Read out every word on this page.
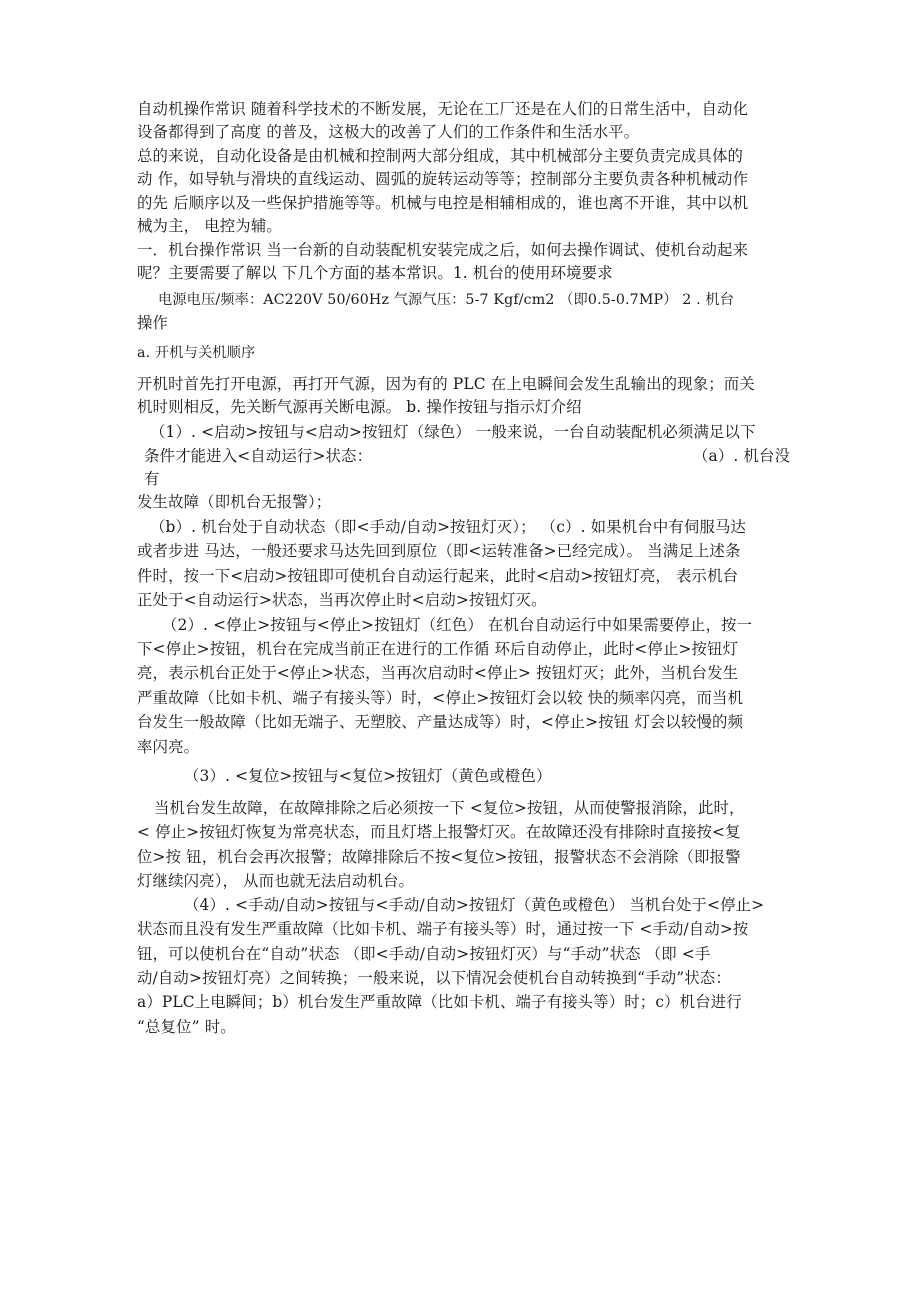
自动机操作常识 随着科学技术的不断发展，无论在工厂还是在人们的日常生活中，自动化
设备都得到了高度 的普及，这极大的改善了人们的工作条件和生活水平。
总的来说，自动化设备是由机械和控制两大部分组成，其中机械部分主要负责完成具体的
动 作，如导轨与滑块的直线运动、圆弧的旋转运动等等；控制部分主要负责各种机械动作
的先 后顺序以及一些保护措施等等。机械与电控是相辅相成的，谁也离不开谁，其中以机
械为主， 电控为辅。
一．机台操作常识 当一台新的自动装配机安装完成之后，如何去操作调试、使机台动起来
呢？主要需要了解以 下几个方面的基本常识。1. 机台的使用环境要求
电源电压/频率：AC220V 50/60Hz 气源气压：5-7 Kgf/cm2 （即0.5-0.7MP） 2 . 机台
操作
a. 开机与关机顺序
开机时首先打开电源，再打开气源，因为有的 PLC 在上电瞬间会发生乱输出的现象；而关
机时则相反，先关断气源再关断电源。 b. 操作按钮与指示灯介绍
（1）. <启动>按钮与<启动>按钮灯（绿色） 一般来说，一台自动装配机必须满足以下
条件才能进入<自动运行>状态：	（a）. 机台没
有
发生故障（即机台无报警）；
（b）. 机台处于自动状态（即<手动/自动>按钮灯灭）； （c）. 如果机台中有伺服马达
或者步进 马达，一般还要求马达先回到原位（即<运转准备>已经完成）。 当满足上述条
件时，按一下<启动>按钮即可使机台自动运行起来，此时<启动>按钮灯亮， 表示机台
正处于<自动运行>状态，当再次停止时<启动>按钮灯灭。
（2）. <停止>按钮与<停止>按钮灯（红色） 在机台自动运行中如果需要停止，按一
下<停止>按钮，机台在完成当前正在进行的工作循 环后自动停止，此时<停止>按钮灯
亮，表示机台正处于<停止>状态，当再次启动时<停止> 按钮灯灭；此外，当机台发生
严重故障（比如卡机、端子有接头等）时，<停止>按钮灯会以较 快的频率闪亮，而当机
台发生一般故障（比如无端子、无塑胶、产量达成等）时，<停止>按钮 灯会以较慢的频
率闪亮。
（3）. <复位>按钮与<复位>按钮灯（黄色或橙色）
当机台发生故障，在故障排除之后必须按一下 <复位>按钮，从而使警报消除，此时，
< 停止>按钮灯恢复为常亮状态，而且灯塔上报警灯灭。在故障还没有排除时直接按<复
位>按 钮，机台会再次报警；故障排除后不按<复位>按钮，报警状态不会消除（即报警
灯继续闪亮）， 从而也就无法启动机台。
（4）. <手动/自动>按钮与<手动/自动>按钮灯（黄色或橙色） 当机台处于<停止>
状态而且没有发生严重故障（比如卡机、端子有接头等）时，通过按一下 <手动/自动>按
钮，可以使机台在“自动”状态 （即<手动/自动>按钮灯灭）与“手动”状态 （即 <手
动/自动>按钮灯亮）之间转换；一般来说，以下情况会使机台自动转换到“手动”状态：
a）PLC上电瞬间；b）机台发生严重故障（比如卡机、端子有接头等）时；c）机台进行
“总复位” 时。
